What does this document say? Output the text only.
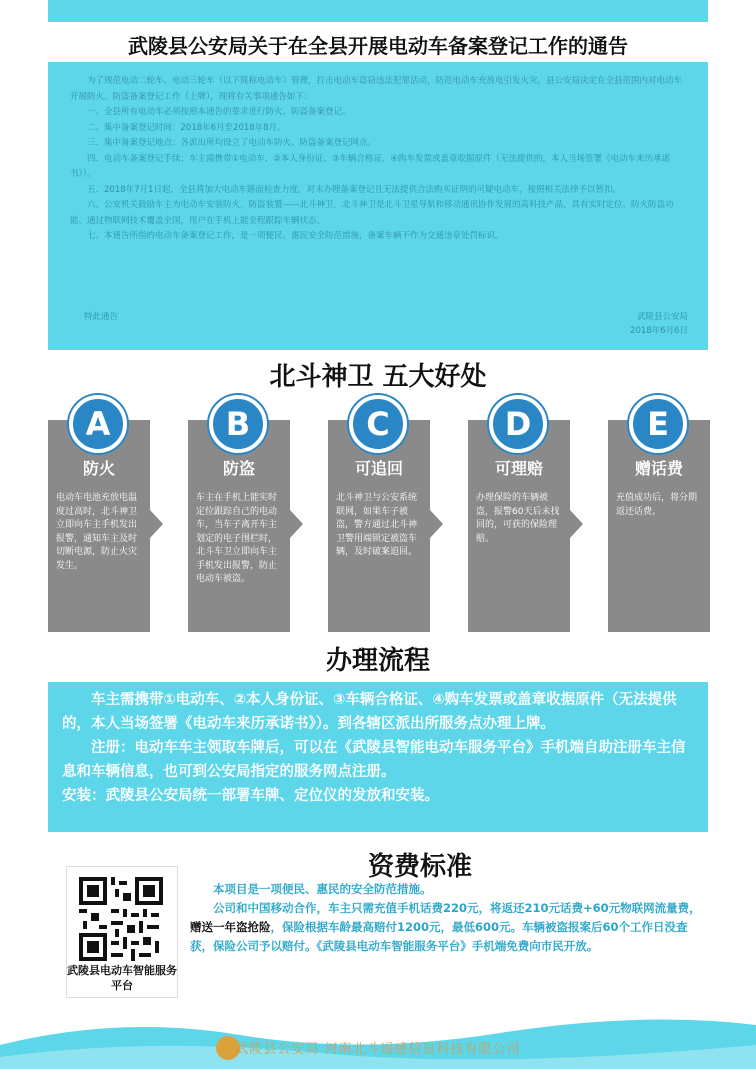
武陵县公安局关于在全县开展电动车备案登记工作的通告

为了规范电动二轮车、电动三轮车（以下简称电动车）管理，打击电动车盗窃违法犯罪活动，防范电动车充放电引发火灾，县公安局决定在全县范围内对电动车开展防火、防盗备案登记工作（上牌），现将有关事项通告如下：

一、全县所有电动车必须按照本通告的要求进行防火、防盗备案登记。

二、集中备案登记时间：2018年6月至2018年8月。

三、集中备案登记地点：各派出所均设立了电动车防火、防盗备案登记网点。

四、电动车备案登记手续：车主需携带①电动车、②本人身份证、③车辆合格证、④购车发票或盖章收据原件（无法提供的，本人当场签署《电动车来历承诺书》）。

五、2018年7月1日起，全县将加大电动车路面检查力度，对未办理备案登记且无法提供合法购买证明的可疑电动车，按照相关法律予以暂扣。

六、公安机关鼓励车主为电动车安装防火、防盗装置——北斗神卫，北斗神卫是北斗卫星导航和移动通讯协作发展的高科技产品，具有实时定位、防火防盗功能，通过物联网技术覆盖全国，用户在手机上能全程跟踪车辆状态。

七、本通告所指的电动车备案登记工作，是一项便民、惠民安全防范措施，备案车辆不作为交通违章处罚标识。

特此通告	武陵县公安局
2018年6月6日
北斗神卫 五大好处
A
防火
电动车电池充放电温度过高时，北斗神卫立即向车主手机发出报警，通知车主及时切断电源，防止火灾发生。
B
防盗
车主在手机上能实时定位跟踪自己的电动车，当车子离开车主划定的电子围栏时，北斗车卫立即向车主手机发出报警，防止电动车被盗。
C
可追回
北斗神卫与公安系统联网，如果车子被盗，警方通过北斗神卫警用端锁定被盗车辆，及时破案追回。
D
可理赔
办理保险的车辆被盗，报警60天后未找回的，可获的保险理赔。
E
赠话费
充值成功后，将分期返还话费。
办理流程

车主需携带①电动车、②本人身份证、③车辆合格证、④购车发票或盖章收据原件（无法提供的，本人当场签署《电动车来历承诺书》）。到各辖区派出所服务点办理上牌。

注册：电动车车主领取车牌后，可以在《武陵县智能电动车服务平台》手机端自助注册车主信息和车辆信息，也可到公安局指定的服务网点注册。

安装：武陵县公安局统一部署车牌、定位仪的发放和安装。

资费标准
武陵县电动车智能服务平台

本项目是一项便民、惠民的安全防范措施。

公司和中国移动合作，车主只需充值手机话费220元，将返还210元话费+60元物联网流量费，赠送一年盗抢险，保险根据车龄最高赔付1200元，最低600元。车辆被盗报案后60个工作日没查获，保险公司予以赔付。《武陵县电动车智能服务平台》手机端免费向市民开放。

武陵县公安局 河南北斗遥感信息科技有限公司
